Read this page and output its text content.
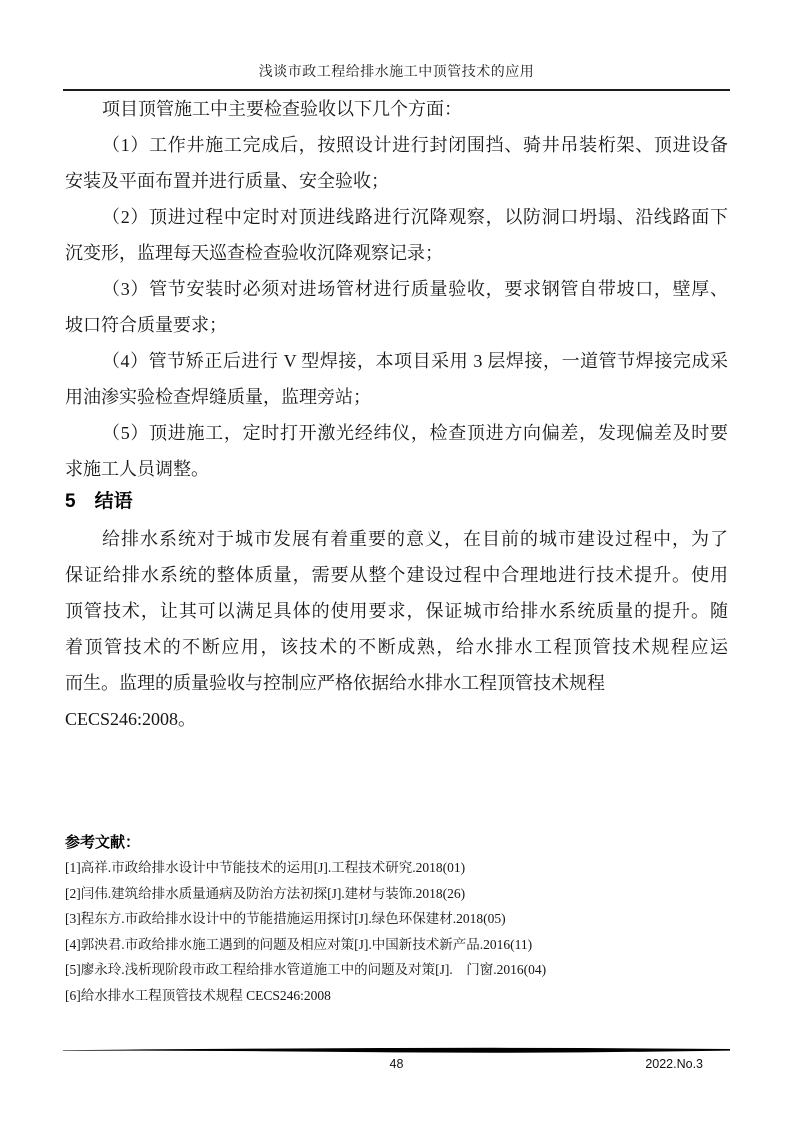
浅谈市政工程给排水施工中顶管技术的应用
项目顶管施工中主要检查验收以下几个方面：
（1）工作井施工完成后，按照设计进行封闭围挡、骑井吊装桁架、顶进设备
安装及平面布置并进行质量、安全验收；
（2）顶进过程中定时对顶进线路进行沉降观察，以防洞口坍塌、沿线路面下
沉变形，监理每天巡查检查验收沉降观察记录；
（3）管节安装时必须对进场管材进行质量验收，要求钢管自带坡口，壁厚、
坡口符合质量要求；
（4）管节矫正后进行 V 型焊接，本项目采用 3 层焊接，一道管节焊接完成采
用油渗实验检查焊缝质量，监理旁站；
（5）顶进施工，定时打开激光经纬仪，检查顶进方向偏差，发现偏差及时要
求施工人员调整。
5　结语
给排水系统对于城市发展有着重要的意义，在目前的城市建设过程中，为了
保证给排水系统的整体质量，需要从整个建设过程中合理地进行技术提升。使用
顶管技术，让其可以满足具体的使用要求，保证城市给排水系统质量的提升。随
着顶管技术的不断应用，该技术的不断成熟，给水排水工程顶管技术规程应运
而生。监理的质量验收与控制应严格依据给水排水工程顶管技术规程
CECS246:2008。
参考文献：
[1]高祥.市政给排水设计中节能技术的运用[J].工程技术研究.2018(01)
[2]闫伟.建筑给排水质量通病及防治方法初探[J].建材与装饰.2018(26)
[3]程东方.市政给排水设计中的节能措施运用探讨[J].绿色环保建材.2018(05)
[4]郭泱君.市政给排水施工遇到的问题及相应对策[J].中国新技术新产品.2016(11)
[5]廖永玲.浅析现阶段市政工程给排水管道施工中的问题及对策[J].    门窗.2016(04)
[6]给水排水工程顶管技术规程 CECS246:2008
48	2022.No.3
